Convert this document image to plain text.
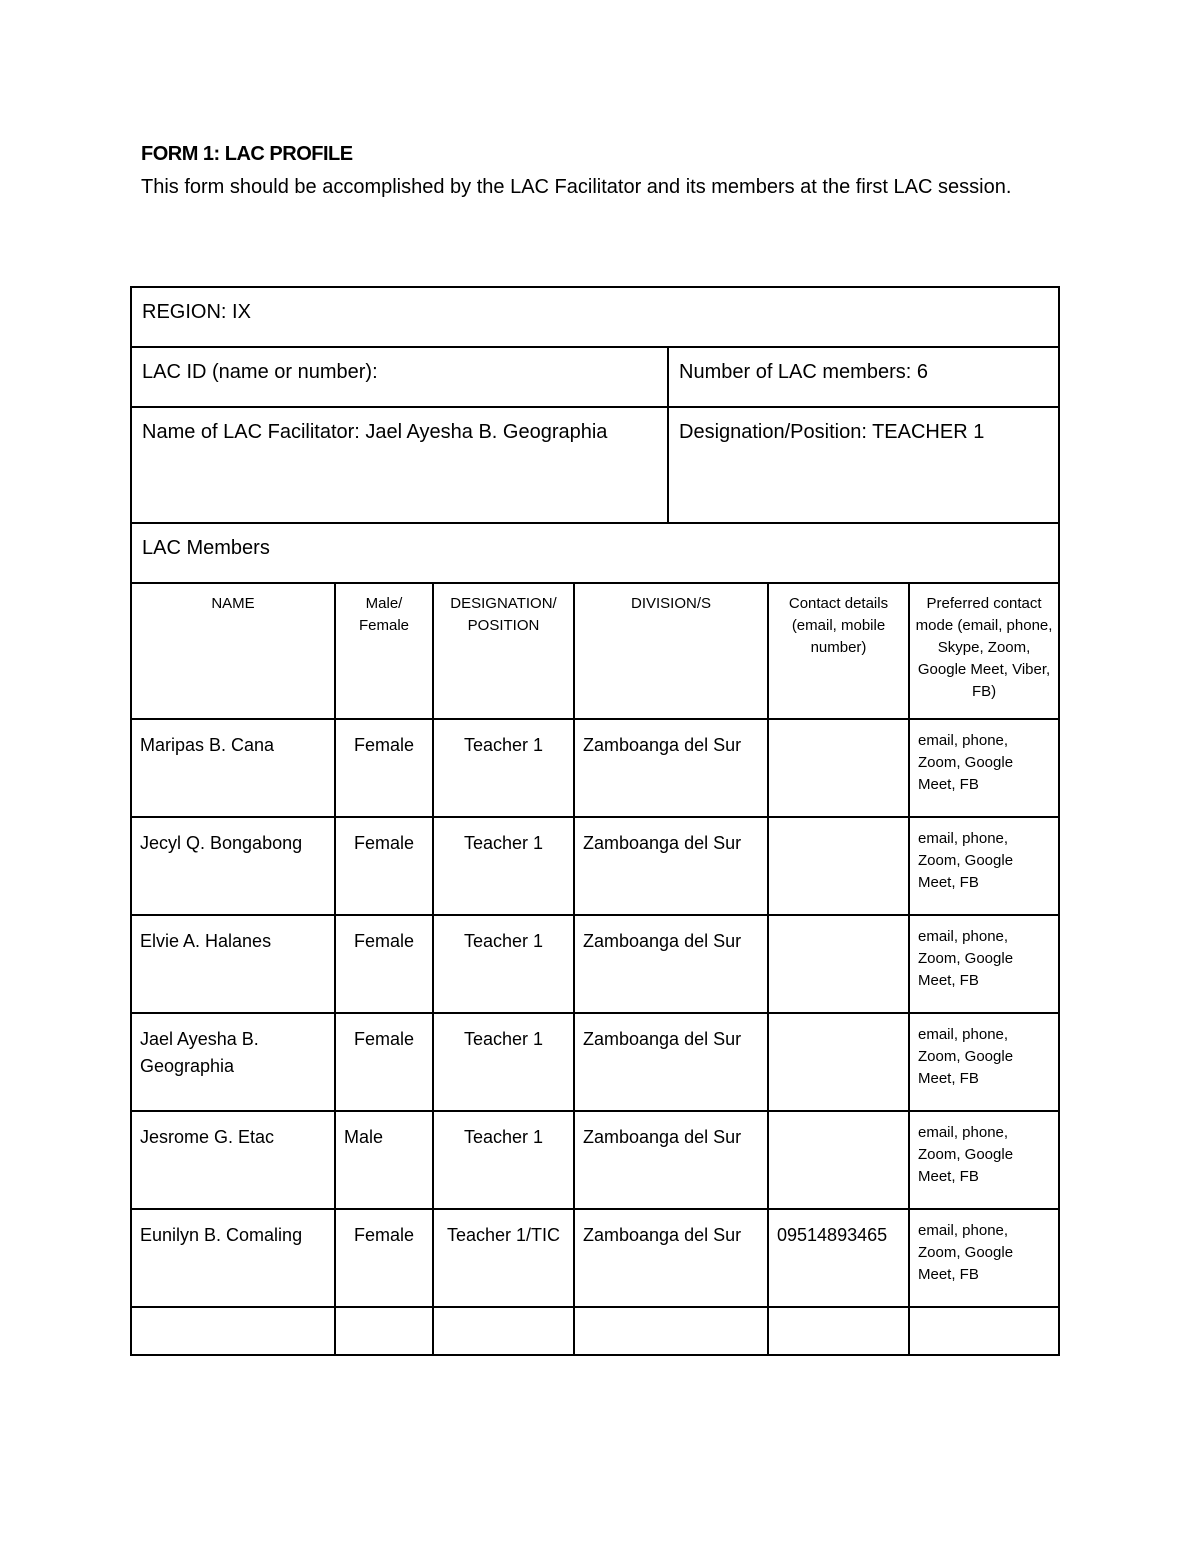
FORM 1: LAC PROFILE
This form should be accomplished by the LAC Facilitator and its members at the first LAC session.
REGION: IX						
LAC ID (name or number):				Number of LAC members: 6		
Name of LAC Facilitator: Jael Ayesha B. Geographia				Designation/Position: TEACHER 1		
LAC Members						
NAME	Male/ Female	DESIGNATION/ POSITION	DIVISION/S		Contact details (email, mobile number)	Preferred contact mode (email, phone, Skype, Zoom, Google Meet, Viber, FB)
Maripas B. Cana	Female	Teacher 1	Zamboanga del Sur			email, phone, Zoom, Google Meet, FB
Jecyl Q. Bongabong	Female	Teacher 1	Zamboanga del Sur			email, phone, Zoom, Google Meet, FB
Elvie A. Halanes	Female	Teacher 1	Zamboanga del Sur			email, phone, Zoom, Google Meet, FB
Jael Ayesha B. Geographia	Female	Teacher 1	Zamboanga del Sur			email, phone, Zoom, Google Meet, FB
Jesrome G. Etac	Male	Teacher 1	Zamboanga del Sur			email, phone, Zoom, Google Meet, FB
Eunilyn B. Comaling	Female	Teacher 1/TIC	Zamboanga del Sur		09514893465	email, phone, Zoom, Google Meet, FB
